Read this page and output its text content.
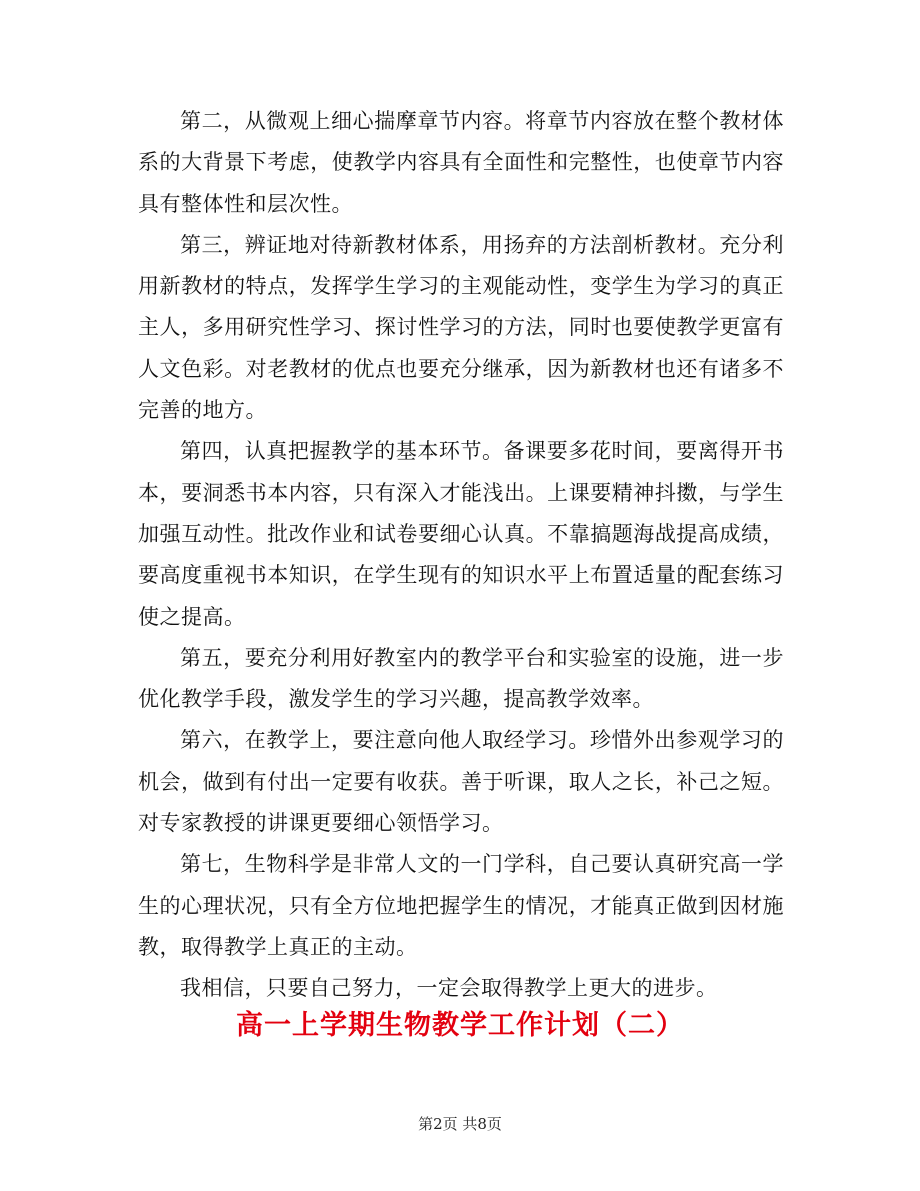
第二，从微观上细心揣摩章节内容。将章节内容放在整个教材体系的大背景下考虑，使教学内容具有全面性和完整性，也使章节内容具有整体性和层次性。

第三，辨证地对待新教材体系，用扬弃的方法剖析教材。充分利用新教材的特点，发挥学生学习的主观能动性，变学生为学习的真正主人，多用研究性学习、探讨性学习的方法，同时也要使教学更富有人文色彩。对老教材的优点也要充分继承，因为新教材也还有诸多不完善的地方。

第四，认真把握教学的基本环节。备课要多花时间，要离得开书本，要洞悉书本内容，只有深入才能浅出。上课要精神抖擞，与学生加强互动性。批改作业和试卷要细心认真。不靠搞题海战提高成绩，要高度重视书本知识，在学生现有的知识水平上布置适量的配套练习使之提高。

第五，要充分利用好教室内的教学平台和实验室的设施，进一步优化教学手段，激发学生的学习兴趣，提高教学效率。

第六，在教学上，要注意向他人取经学习。珍惜外出参观学习的机会，做到有付出一定要有收获。善于听课，取人之长，补己之短。对专家教授的讲课更要细心领悟学习。

第七，生物科学是非常人文的一门学科，自己要认真研究高一学生的心理状况，只有全方位地把握学生的情况，才能真正做到因材施教，取得教学上真正的主动。

我相信，只要自己努力，一定会取得教学上更大的进步。

高一上学期生物教学工作计划（二）
第2页 共8页
